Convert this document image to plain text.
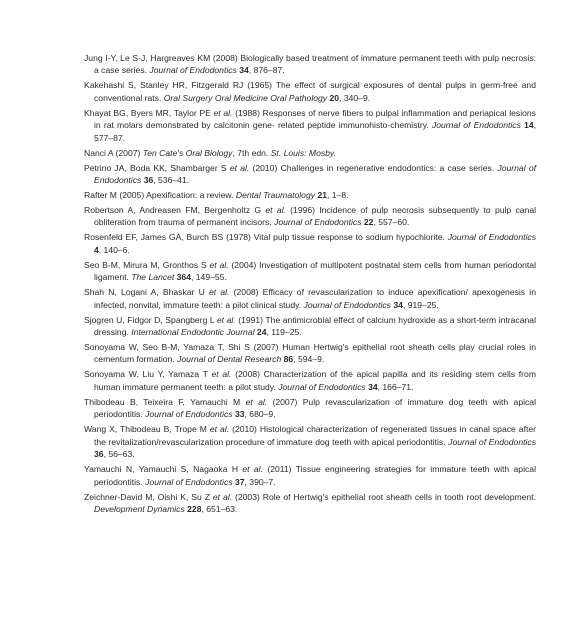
Jung I-Y, Le S-J, Hargreaves KM (2008) Biologically based treatment of immature permanent teeth with pulp necrosis: a case series. Journal of Endodontics 34, 876–87.

Kakehashi S, Stanley HR, Fitzgerald RJ (1965) The effect of surgical exposures of dental pulps in germ-free and conventional rats. Oral Surgery Oral Medicine Oral Pathology 20, 340–9.

Khayat BG, Byers MR, Taylor PE et al. (1988) Responses of nerve fibers to pulpal inflammation and periapical lesions in rat molars demonstrated by calcitonin gene- related peptide immunohisto-chemistry. Journal of Endodontics 14, 577–87.

Nanci A (2007) Ten Cate's Oral Biology, 7th edn. St. Louis: Mosby.

Petrino JA, Boda KK, Shambarger S et al. (2010) Challenges in regenerative endodontics: a case series. Journal of Endodontics 36, 536–41.

Rafter M (2005) Apexification: a review. Dental Traumatology 21, 1–8.

Robertson A, Andreasen FM, Bergenholtz G et al. (1996) Incidence of pulp necrosis subsequently to pulp canal obliteration from trauma of permanent incisors. Journal of Endodontics 22, 557–60.

Rosenfeld EF, James GA, Burch BS (1978) Vital pulp tissue response to sodium hypochlorite. Journal of Endodontics 4, 140–6.

Seo B-M, Mirura M, Gronthos S et al. (2004) Investigation of multipotent postnatal stem cells from human periodontal ligament. The Lancet 364, 149–55.

Shah N, Logani A, Bhaskar U et al. (2008) Efficacy of revascularization to induce apexification/ apexogenesis in infected, nonvital, immature teeth: a pilot clinical study. Journal of Endodontics 34, 919–25.

Sjogren U, Fidgor D, Spangberg L et al. (1991) The antimicrobial effect of calcium hydroxide as a short-term intracanal dressing. International Endodontic Journal 24, 119–25.

Sonoyama W, Seo B-M, Yamaza T, Shi S (2007) Human Hertwig's epithelial root sheath cells play crucial roles in cementum formation. Journal of Dental Research 86, 594–9.

Sonoyama W, Liu Y, Yamaza T et al. (2008) Characterization of the apical papilla and its residing stem cells from human immature permanent teeth: a pilot study. Journal of Endodontics 34, 166–71.

Thibodeau B, Teixeira F, Yamauchi M et al. (2007) Pulp revascularization of immature dog teeth with apical periodontitis. Journal of Endodontics 33, 680–9.

Wang X, Thibodeau B, Trope M et al. (2010) Histological characterization of regenerated tissues in canal space after the revitalization/revascularization procedure of immature dog teeth with apical periodontitis. Journal of Endodontics 36, 56–63.

Yamauchi N, Yamauchi S, Nagaoka H et al. (2011) Tissue engineering strategies for immature teeth with apical periodontitis. Journal of Endodontics 37, 390–7.

Zeichner-David M, Oishi K, Su Z et al. (2003) Role of Hertwig's epithelial root sheath cells in tooth root development. Development Dynamics 228, 651–63.
